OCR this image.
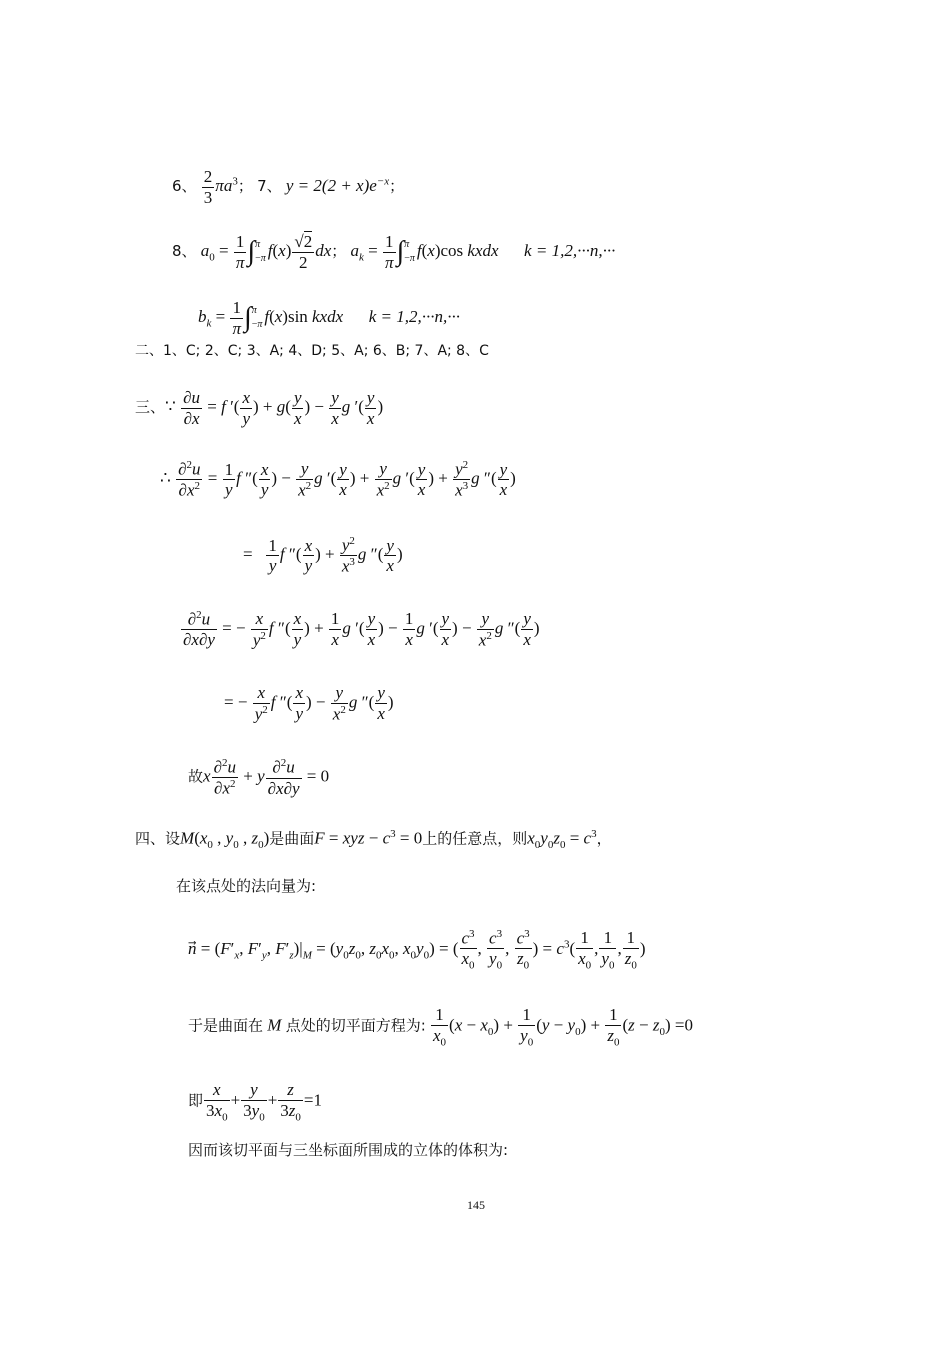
6、 $\frac{2}{3} \pi a^3$； 7、 $y = 2(2 + x)e^{-x}$；
8、 $a_0 = \frac{1}{\pi} \int\pi$
−π $f(x) \frac{√2}{2}$ dx； $a_k = \frac{1}{\pi} \int\pi$
−π f(x)cos kxdx k = 1,2,···n,···
$b_k = \frac{1}{\pi} \int\pi$
−π f(x)sin kxdx k = 1,2,···n,···
二、1、C; 2、C; 3、A; 4、D; 5、A; 6、B; 7、A; 8、C
三、∵ $\frac{\partial u}{\partial x} = f$ ′( $\frac{x}{y}$ ) + $g( \frac{y}{x}$ ) − $\frac{y}{x}$ g ′( $\frac{y}{x}$ )
∴ $\frac{\partial^2u}{\partial x^2} = \frac{1}{y}$ f ″( $\frac{x}{y}$ ) − $\frac{y}{x^2}$ g ′( $\frac{y}{x}$ ) + $\frac{y}{x^2}$ g ′( $\frac{y}{x}$ ) + $\frac{y^2}{x^3}$ g ″( $\frac{y}{x}$ )
= $\frac{1}{y}$ f ″( $\frac{x}{y}$ ) + $\frac{y^2}{x^3}$ g ″( $\frac{y}{x}$ )
$\frac{\partial^2u}{\partial x\partial y}$ = − $\frac{x}{y^2}$ f ″( $\frac{x}{y}$ ) + $\frac{1}{x}$ g ′( $\frac{y}{x}$ ) − $\frac{1}{x}$ g ′( $\frac{y}{x}$ ) − $\frac{y}{x^2}$ g ″( $\frac{y}{x}$ )
= − $\frac{x}{y^2}$ f ″( $\frac{x}{y}$ ) − $\frac{y}{x^2}$ g ″( $\frac{y}{x}$ )
故x $\frac{\partial^2u}{\partial x^2} + y \frac{\partial^2u}{\partial x\partial y} = 0$
四、设$M(x_0$ , $y_0$ , $z_0$)是曲面F = xyz − $c^3 = 0$上的任意点，则$x_0y_0z_0 = c^3$，
在该点处的法向量为:
n⃗ = ($F'_x$, $F'_y$, $F'_z)|_M = (y_0z_0$, $z_0x_0$, $x_0y_0$) = ( $\frac{c^3}{x_0}$ , $\frac{c^3}{y_0}$ , $\frac{c^3}{z_0}$ ) = $c^3( \frac{1}{x_0}$ , $\frac{1}{y_0}$ , $\frac{1}{z_0}$ )
于是曲面在 M 点处的切平面方程为: $\frac{1}{x_0} (x - x_0) + \frac{1}{y_0} (y - y_0) + \frac{1}{z_0} (z - z_0) =0$
即 $\frac{x}{3x_0} + \frac{y}{3y_0} + \frac{z}{3z_0} =1$
因而该切平面与三坐标面所围成的立体的体积为:
145
